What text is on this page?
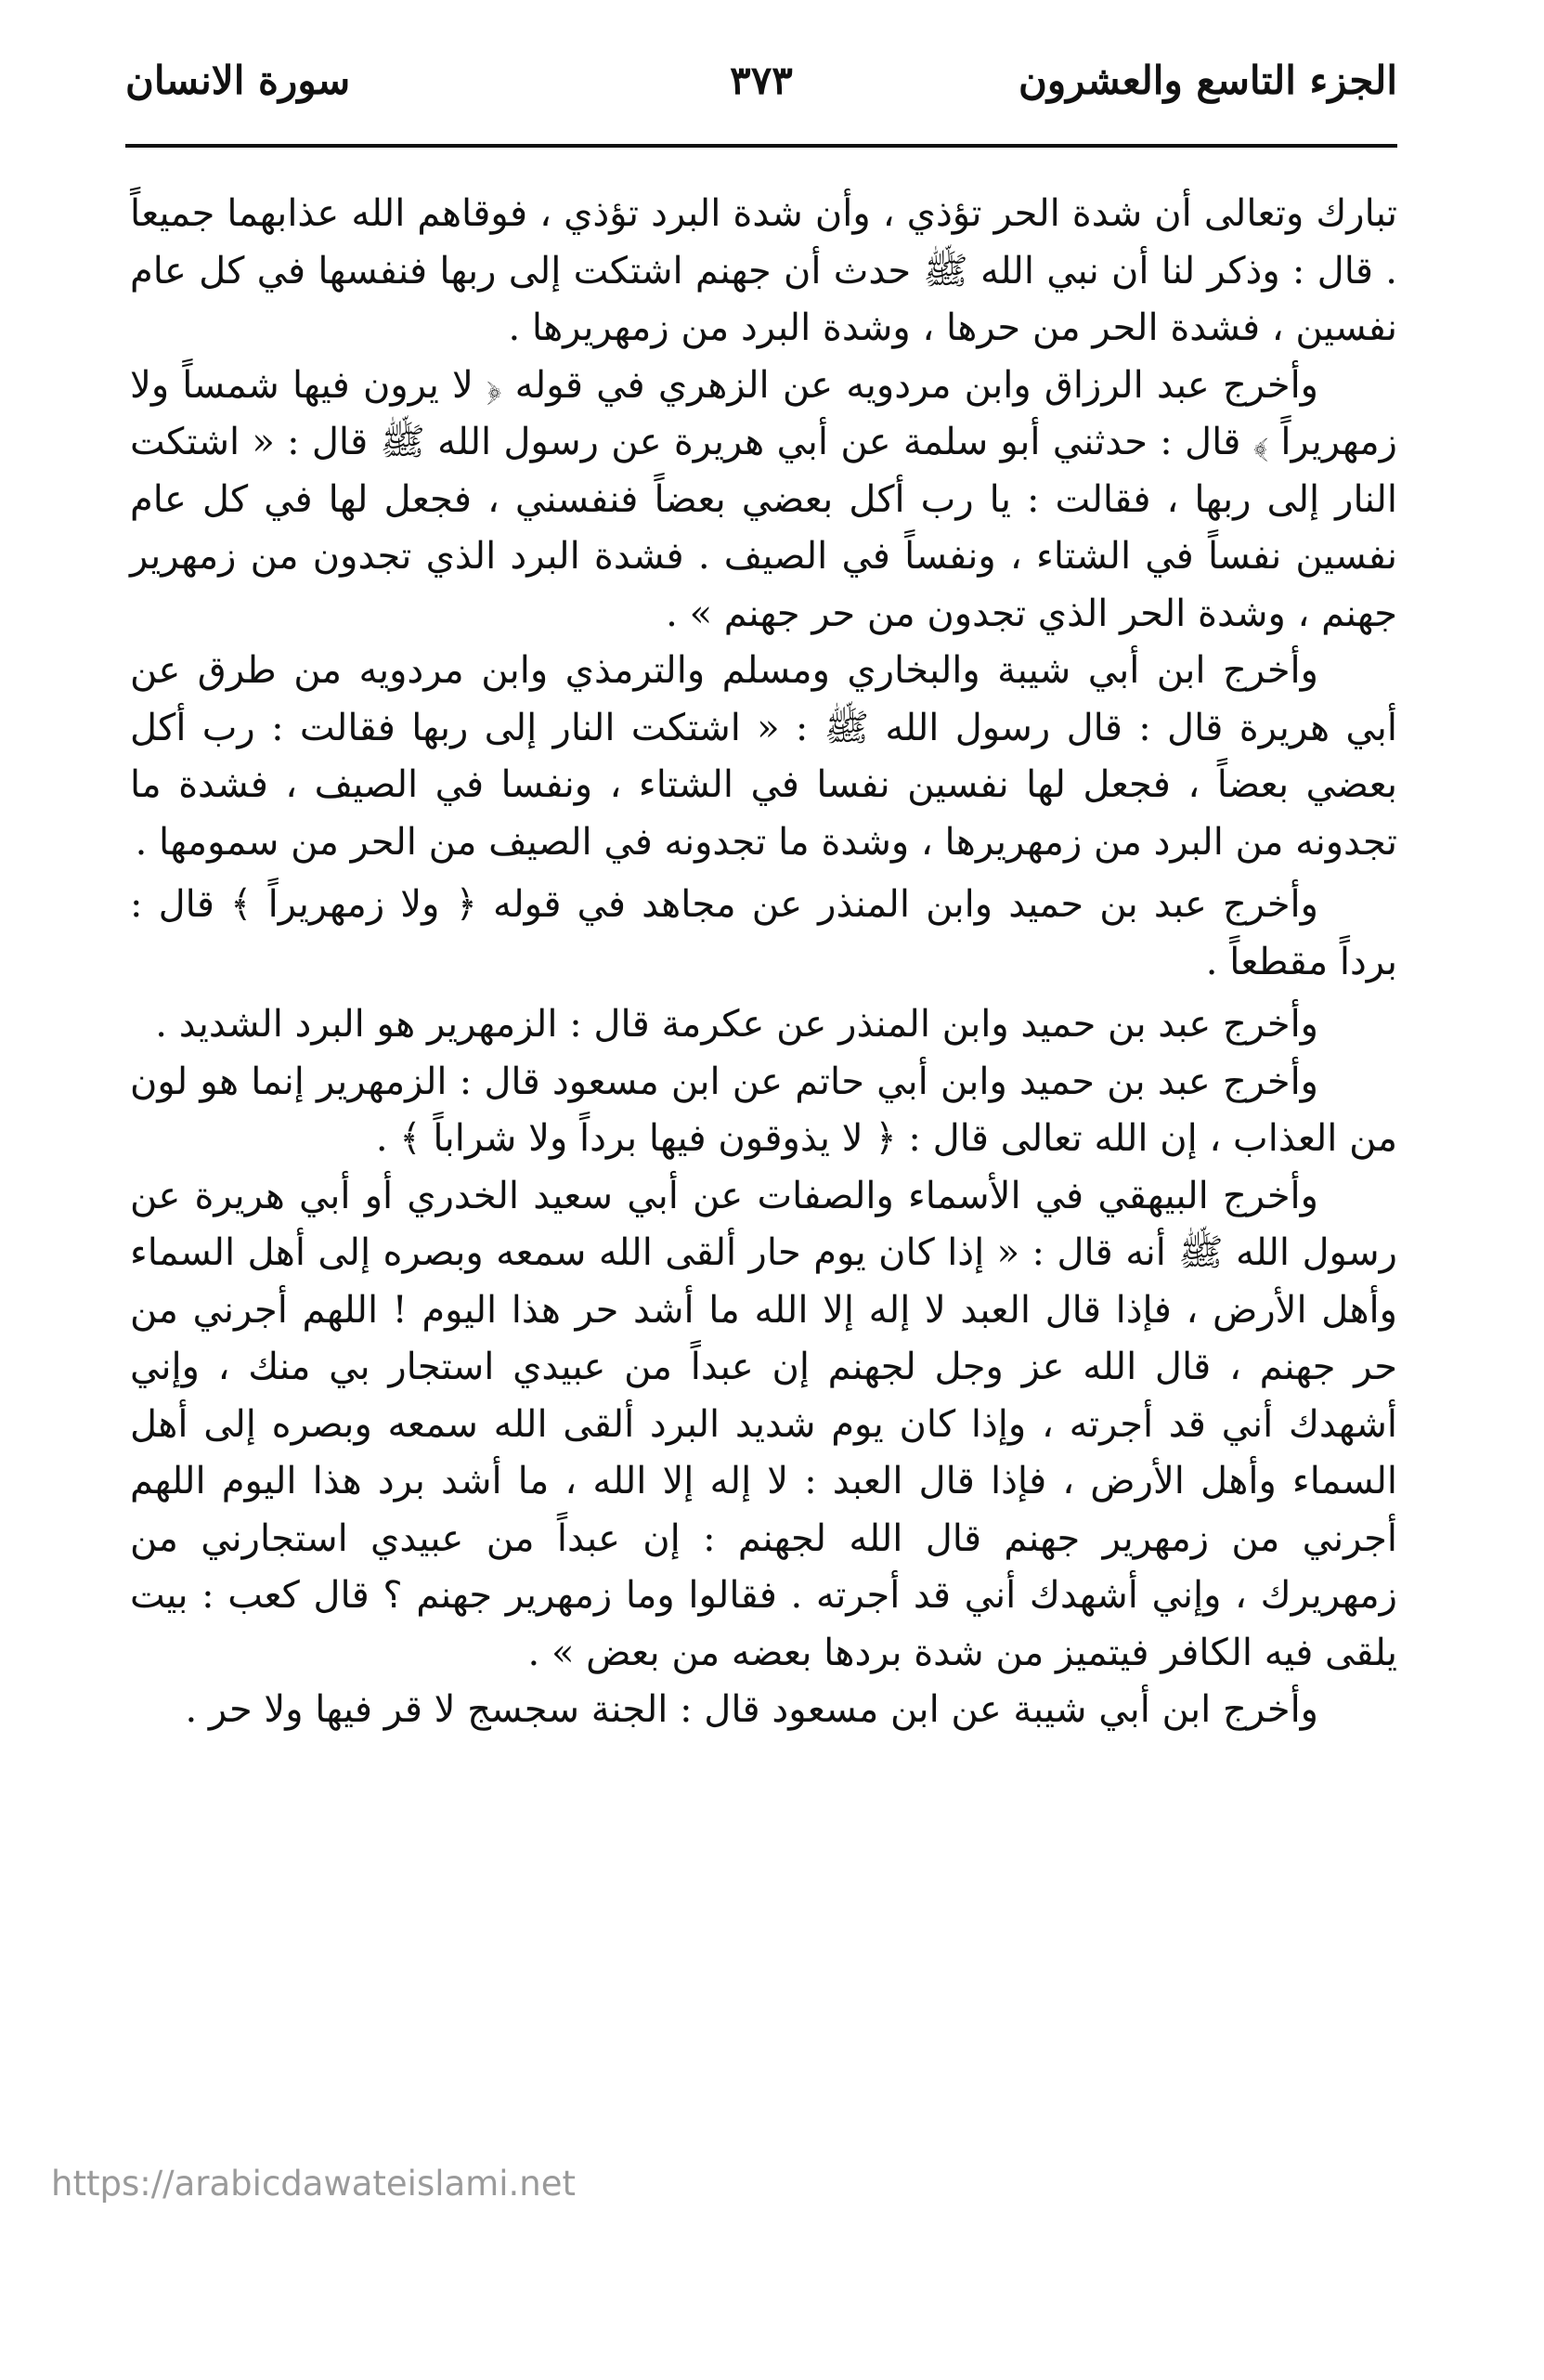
الجزء التاسع والعشرون
٣٧٣
سورة الانسان

تبارك وتعالى أن شدة الحر تؤذي ، وأن شدة البرد تؤذي ، فوقاهم الله عذابهما جميعاً . قال : وذكر لنا أن نبي الله ﷺ حدث أن جهنم اشتكت إلى ربها فنفسها في كل عام نفسين ، فشدة الحر من حرها ، وشدة البرد من زمهريرها .

وأخرج عبد الرزاق وابن مردويه عن الزهري في قوله ﴿ لا يرون فيها شمساً ولا زمهريراً ﴾ قال : حدثني أبو سلمة عن أبي هريرة عن رسول الله ﷺ قال : « اشتكت النار إلى ربها ، فقالت : يا رب أكل بعضي بعضاً فنفسني ، فجعل لها في كل عام نفسين نفساً في الشتاء ، ونفساً في الصيف . فشدة البرد الذي تجدون من زمهرير جهنم ، وشدة الحر الذي تجدون من حر جهنم » .

وأخرج ابن أبي شيبة والبخاري ومسلم والترمذي وابن مردويه من طرق عن أبي هريرة قال : قال رسول الله ﷺ : « اشتكت النار إلى ربها فقالت : رب أكل بعضي بعضاً ، فجعل لها نفسين نفسا في الشتاء ، ونفسا في الصيف ، فشدة ما تجدونه من البرد من زمهريرها ، وشدة ما تجدونه في الصيف من الحر من سمومها .

وأخرج عبد بن حميد وابن المنذر عن مجاهد في قوله ﴿ ولا زمهريراً ﴾ قال : برداً مقطعاً .

وأخرج عبد بن حميد وابن المنذر عن عكرمة قال : الزمهرير هو البرد الشديد .

وأخرج عبد بن حميد وابن أبي حاتم عن ابن مسعود قال : الزمهرير إنما هو لون من العذاب ، إن الله تعالى قال : ﴿ لا يذوقون فيها برداً ولا شراباً ﴾ .

وأخرج البيهقي في الأسماء والصفات عن أبي سعيد الخدري أو أبي هريرة عن رسول الله ﷺ أنه قال : « إذا كان يوم حار ألقى الله سمعه وبصره إلى أهل السماء وأهل الأرض ، فإذا قال العبد لا إله إلا الله ما أشد حر هذا اليوم ! اللهم أجرني من حر جهنم ، قال الله عز وجل لجهنم إن عبداً من عبيدي استجار بي منك ، وإني أشهدك أني قد أجرته ، وإذا كان يوم شديد البرد ألقى الله سمعه وبصره إلى أهل السماء وأهل الأرض ، فإذا قال العبد : لا إله إلا الله ، ما أشد برد هذا اليوم اللهم أجرني من زمهرير جهنم قال الله لجهنم : إن عبداً من عبيدي استجارني من زمهريرك ، وإني أشهدك أني قد أجرته . فقالوا وما زمهرير جهنم ؟ قال كعب : بيت يلقى فيه الكافر فيتميز من شدة بردها بعضه من بعض » .

وأخرج ابن أبي شيبة عن ابن مسعود قال : الجنة سجسج لا قر فيها ولا حر .

https://arabicdawateislami.net
